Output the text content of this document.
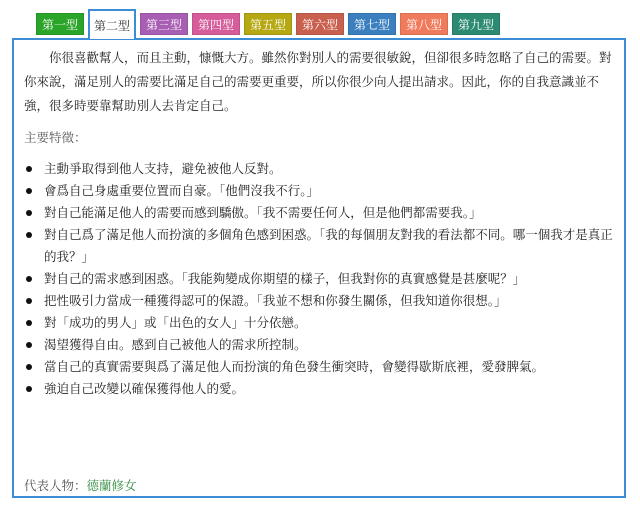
第一型	第二型	第三型	第四型	第五型	第六型	第七型	第八型	第九型

你很喜歡幫人，而且主動，慷慨大方。雖然你對別人的需要很敏銳，但卻很多時忽略了自己的需要。對你來說，滿足別人的需要比滿足自己的需要更重要，所以你很少向人提出請求。因此，你的自我意識並不強，很多時要靠幫助別人去肯定自己。

主要特徵：
主動爭取得到他人支持，避免被他人反對。
會爲自己身處重要位置而自豪。「他們沒我不行。」
對自己能滿足他人的需要而感到驕傲。「我不需要任何人，但是他們都需要我。」
對自己爲了滿足他人而扮演的多個角色感到困惑。「我的每個朋友對我的看法都不同。哪一個我才是真正的我？」
對自己的需求感到困惑。「我能夠變成你期望的樣子，但我對你的真實感覺是甚麼呢？」
把性吸引力當成一種獲得認可的保證。「我並不想和你發生關係，但我知道你很想。」
對「成功的男人」或「出色的女人」十分依戀。
渴望獲得自由。感到自己被他人的需求所控制。
當自己的真實需要與爲了滿足他人而扮演的角色發生衝突時，會變得歇斯底裡，愛發脾氣。
強迫自己改變以確保獲得他人的愛。
代表人物：德蘭修女
